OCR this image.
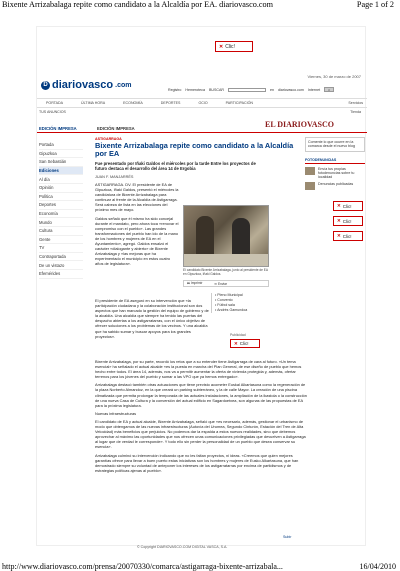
Bixente Arrizabalaga repite como candidato a la Alcaldía por EA. diariovasco.com	Page 1 of 2
✕ Clic!
Viernes, 30 de marzo de 2007
D diariovasco .com
Registro Hemeroteca BUSCAR	en diariovasco.com Internet	ir
PORTADA	ÚLTIMA HORA	ECONOMÍA	DEPORTES	OCIO	PARTICIPACIÓN	Servicios
TUS ANUNCIOS	Tienda
EDICIÓN IMPRESA	EDICIÓN IMPRESA	EL DIARIOVASCO
Portada
Gipuzkoa
San Sebastián
Ediciones
Al día
Opinión
Política
Deportes
Economía
Mundo
Cultura
Gente
TV
Contraportada
De un vistazo
Efemérides
ASTIGARRAGA
Bixente Arrizabalaga repite como candidato a la Alcaldía por EA
Fue presentado por Iñaki Galdos el miércoles por la tarde Entre los proyectos de futuro destaca el desarrollo del área 14 de Ergobia
JUAN F. MANJARRÉS
ASTIGARRAGA. DV. El presidente de EA de Gipuzkoa, Iñaki Galdos, presentó el miércoles la candidatura de Bixente Arrizabalaga para continuar al frente de la Alcaldía de Astigarraga. Será cabeza de lista en las elecciones del próximo mes de mayo.
Galdos señaló que él mismo ha sido concejal durante el mandato, pero ahora toca «renovar el compromiso con el pueblo». Las grandes transformaciones del pueblo han ido de la mano de los hombres y mujeres de EA en el Ayuntamiento», agregó. Galdos ensalzó el carácter «dialogante y abierto» de Bixente Arrizabalaga y «las mejoras que ha experimentado el municipio en estos cuatro años de legislatura».
El candidato Bixente Arrizabalaga, junto al presidente de EA en Gipuzkoa, Iñaki Galdos.
🖶 Imprimir	✉ Enviar
El presidente de EA aseguró en su intervención que «la participación ciudadana y la colaboración institucional son dos aspectos que han marcado la gestión del equipo de gobierno y de la alcaldía. Una alcaldía que siempre ha tenido las puertas del despacho abiertas a los astigarratarras, con el único objetivo de ofrecer soluciones a los problemas de los vecinos. Y una alcaldía que ha sabido sumar y buscar apoyos para los grandes proyectos».
• Pleno Municipal
• Convento
• Fútbol sala
• Andrés Gamundoa
Publicidad
✕ Clic!
Bixente Arrizabalaga, por su parte, recordó los retos que a su entender tiene Astigarraga de cara al futuro. «Un tema esencial» ha señalado el actual alcalde «es la puesta en marcha del Plan General, de ese diseño de pueblo que hemos hecho entre todos. El área 14, además, nos va a permitir aumentar la oferta de vivienda protegida y, además, ofertar terrenos para los jóvenes del pueblo y sumar a las VPO que ya hemos entregado».
Arrizabalaga destacó también otras actuaciones que tiene previsto acometer Euskal Alkartasuna como la regeneración de la plaza Norberto Almandoz, en la que creará un parking subterráneo, y la de calle Mayor. La creación de una piscina climatizada que permita prolongar la temporada de las actuales instalaciones, la ampliación de la ikastola o la construcción de una nueva Casa de Cultura y la conversión del actual edificio en Sagardoetxea, son algunas de las propuestas de EA para la próxima legislatura.
Nuevas infraestructuras
El candidato de EA y actual alcalde, Bixente Arrizabalaga, señaló que «es necesario, además, gestionar el urbanismo de modo que obtengamos de las nuevas infraestructuras (Autovía del Urumea, Segundo Cinturón, Estación del Tren de Alta Velocidad) más beneficios que perjuicios. No podemos dar la espalda a estos nuevos realidades, sino que debemos aprovechar al máximo las oportunidades que nos ofrecen unas comunicaciones privilegiadas que devuelven a Astigarraga al lugar que de verdad le corresponde». Y todo ello sin perder la personalidad de un pueblo que desea conservar su esencia».
Arrizabalaga culminó su intervención indicando que no les faltan proyectos, ni ideas. «Creemos que quien mejores garantías ofrece para llevar a buen puerto estas iniciativas son los hombres y mujeres de Eusko Alkartasuna, que han demostrado siempre su voluntad de anteponer los intereses de los astigarratarras por encima de partidismos y de estrategias políticas ajenas al pueblo».
Comente lo que ocurre en la comarca desde el nuevo blog
FOTODENUNCIAS
Envía tus propias fotodenuncias sobre tu localidad
Denuncias publicadas
✕ Clic!
✕ Clic!
✕ Clic!
Subir
© Copyright DIARIOVASCO.COM DIGITAL VASCA, S.A.
http://www.diariovasco.com/prensa/20070330/comarca/astigarraga-bixente-arrizabala...	16/04/2010
